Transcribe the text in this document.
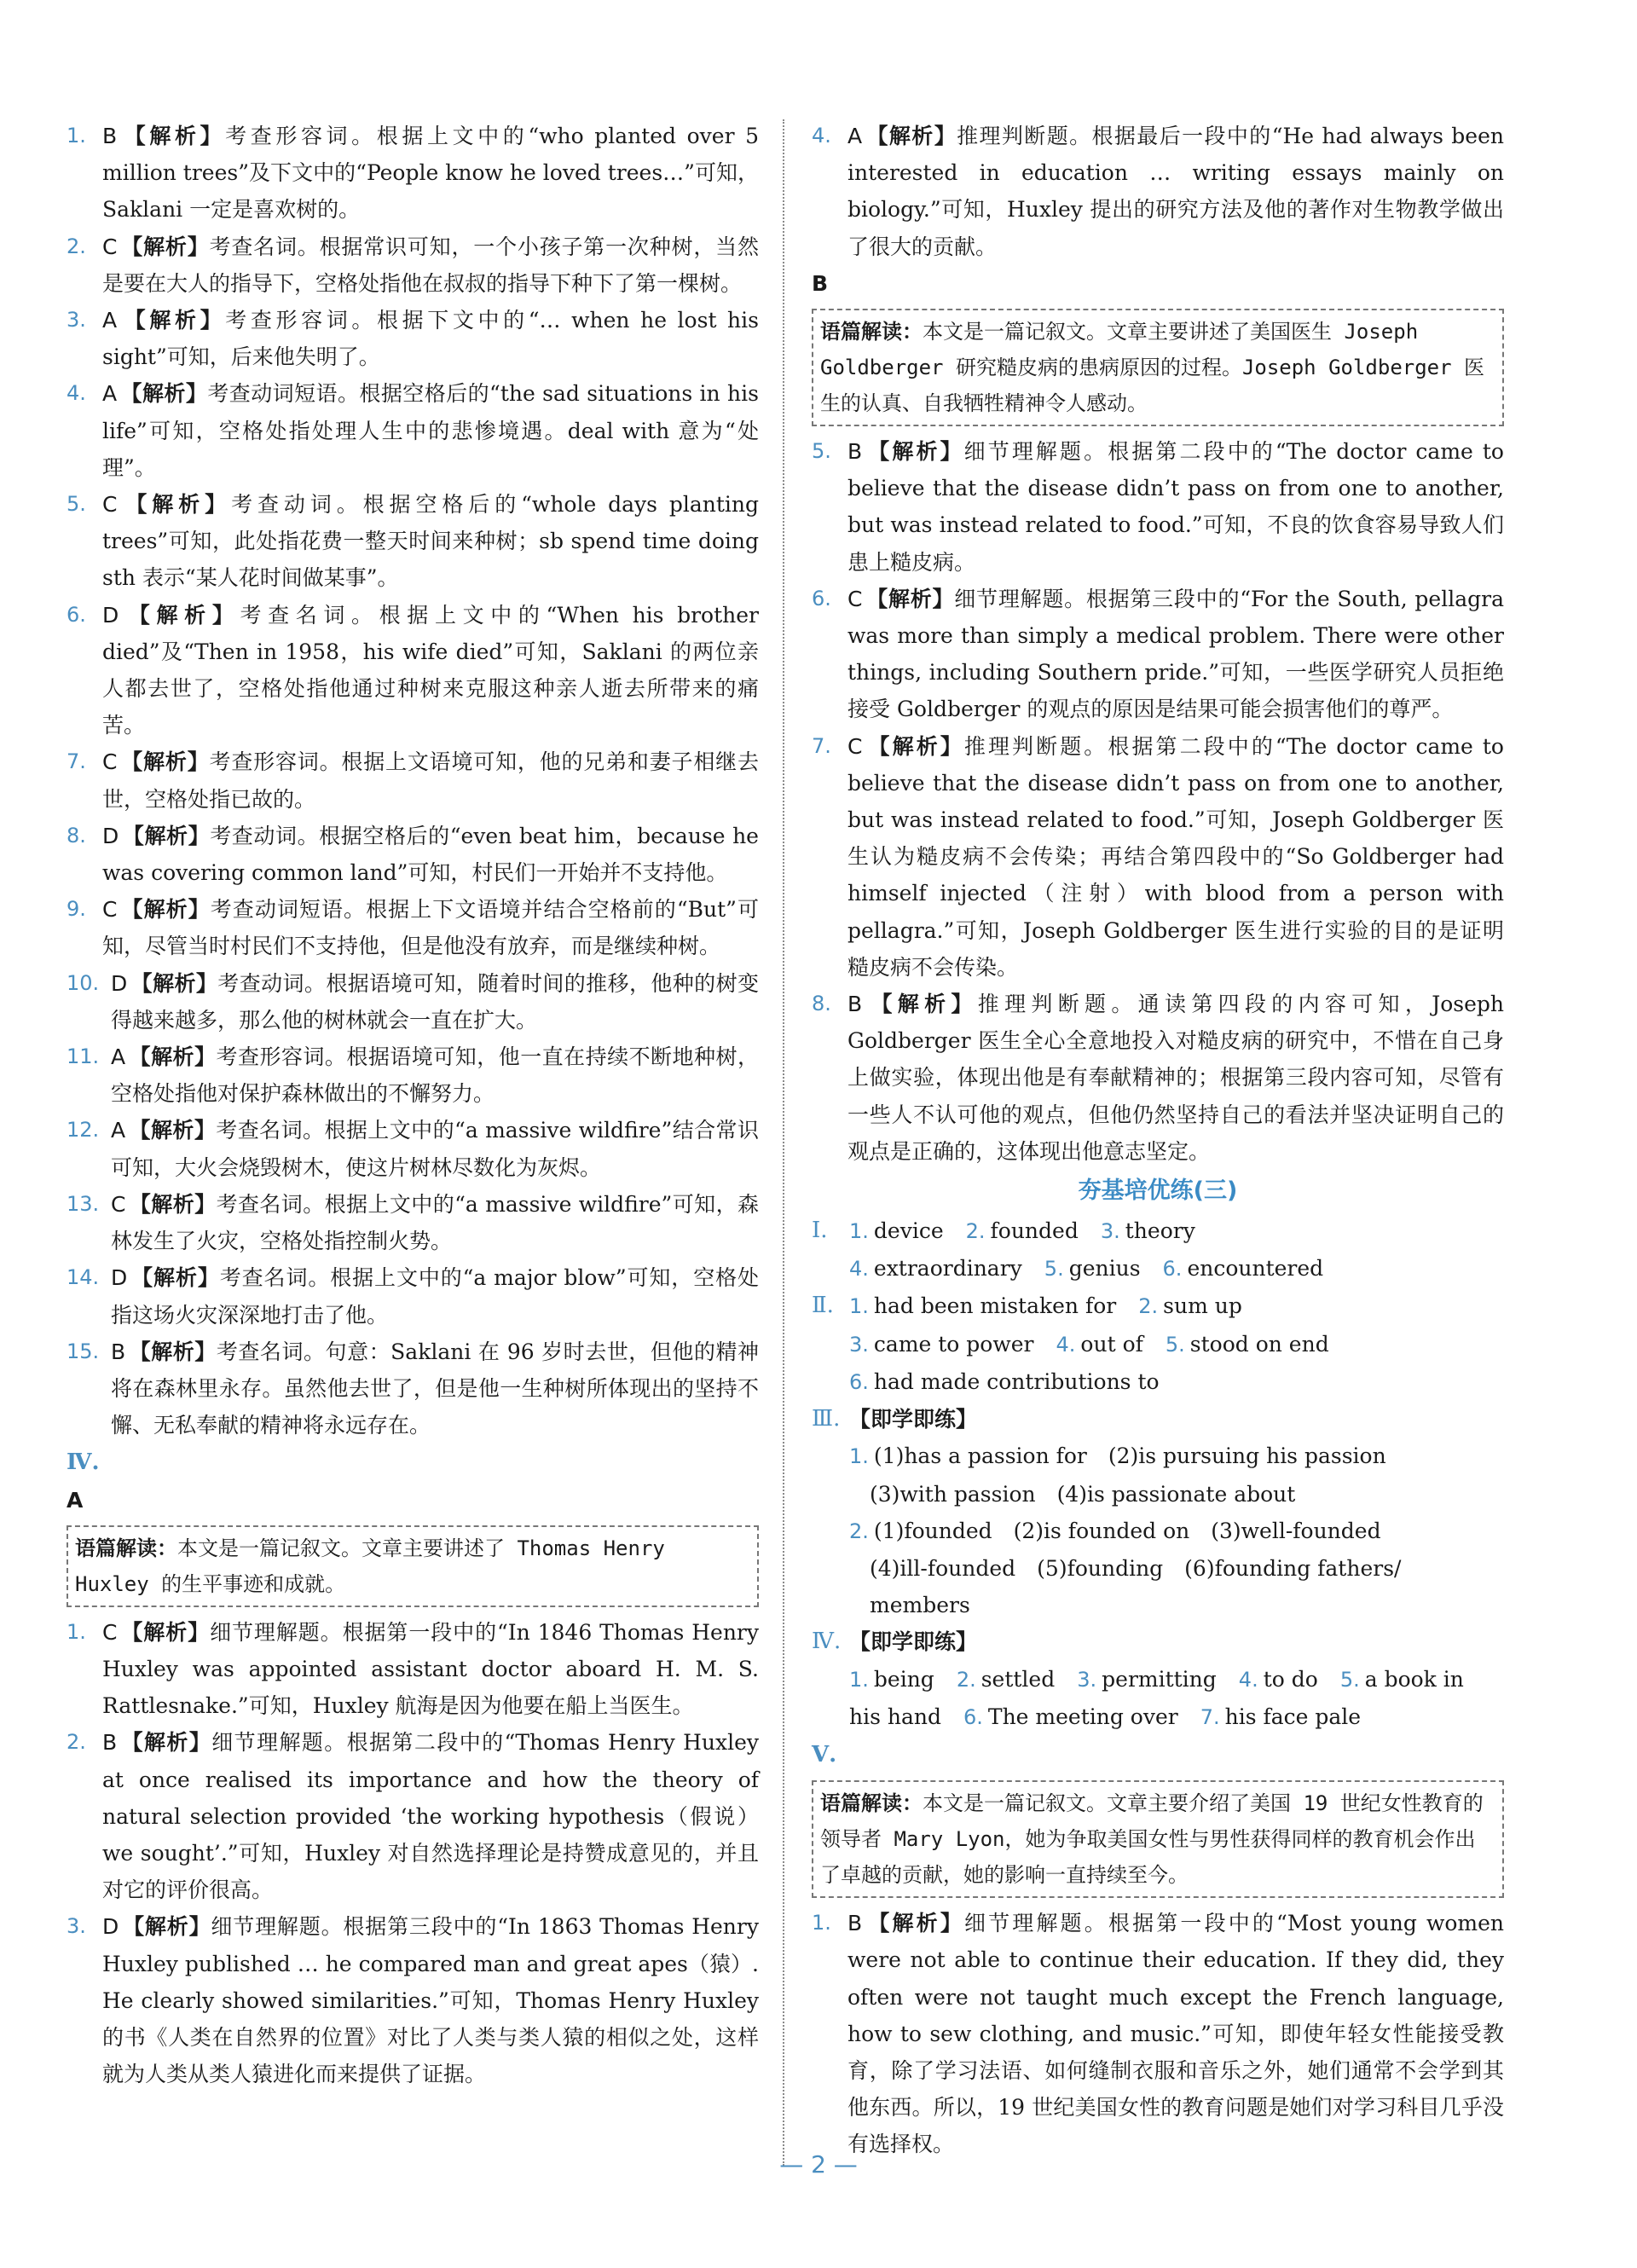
1. B 【解析】考查形容词。根据上文中的“who planted over 5 million trees”及下文中的“People know he loved trees…”可知，Saklani 一定是喜欢树的。

2. C 【解析】考查名词。根据常识可知，一个小孩子第一次种树，当然是要在大人的指导下，空格处指他在叔叔的指导下种下了第一棵树。

3. A 【解析】考查形容词。根据下文中的“… when he lost his sight”可知，后来他失明了。

4. A 【解析】考查动词短语。根据空格后的“the sad situations in his life”可知，空格处指处理人生中的悲惨境遇。deal with 意为“处理”。

5. C 【解析】考查动词。根据空格后的“whole days planting trees”可知，此处指花费一整天时间来种树；sb spend time doing sth 表示“某人花时间做某事”。

6. D 【解析】考查名词。根据上文中的“When his brother died”及“Then in 1958，his wife died”可知，Saklani 的两位亲人都去世了，空格处指他通过种树来克服这种亲人逝去所带来的痛苦。

7. C 【解析】考查形容词。根据上文语境可知，他的兄弟和妻子相继去世，空格处指已故的。

8. D 【解析】考查动词。根据空格后的“even beat him，because he was covering common land”可知，村民们一开始并不支持他。

9. C 【解析】考查动词短语。根据上下文语境并结合空格前的“But”可知，尽管当时村民们不支持他，但是他没有放弃，而是继续种树。

10. D 【解析】考查动词。根据语境可知，随着时间的推移，他种的树变得越来越多，那么他的树林就会一直在扩大。

11. A 【解析】考查形容词。根据语境可知，他一直在持续不断地种树，空格处指他对保护森林做出的不懈努力。

12. A 【解析】考查名词。根据上文中的“a massive wildfire”结合常识可知，大火会烧毁树木，使这片树林尽数化为灰烬。

13. C 【解析】考查名词。根据上文中的“a massive wildfire”可知，森林发生了火灾，空格处指控制火势。

14. D 【解析】考查名词。根据上文中的“a major blow”可知，空格处指这场火灾深深地打击了他。

15. B 【解析】考查名词。句意：Saklani 在 96 岁时去世，但他的精神将在森林里永存。虽然他去世了，但是他一生种树所体现出的坚持不懈、无私奉献的精神将永远存在。

Ⅳ.

A

语篇解读：本文是一篇记叙文。文章主要讲述了 Thomas Henry Huxley 的生平事迹和成就。

1. C 【解析】细节理解题。根据第一段中的“In 1846 Thomas Henry Huxley was appointed assistant doctor aboard H. M. S. Rattlesnake.”可知，Huxley 航海是因为他要在船上当医生。

2. B 【解析】细节理解题。根据第二段中的“Thomas Henry Huxley at once realised its importance and how the theory of natural selection provided ‘the working hypothesis（假说）we sought’.”可知，Huxley 对自然选择理论是持赞成意见的，并且对它的评价很高。

3. D 【解析】细节理解题。根据第三段中的“In 1863 Thomas Henry Huxley published … he compared man and great apes（猿）. He clearly showed similarities.”可知，Thomas Henry Huxley 的书《人类在自然界的位置》对比了人类与类人猿的相似之处，这样就为人类从类人猿进化而来提供了证据。

4. A 【解析】推理判断题。根据最后一段中的“He had always been interested in education … writing essays mainly on biology.”可知，Huxley 提出的研究方法及他的著作对生物教学做出了很大的贡献。

B

语篇解读：本文是一篇记叙文。文章主要讲述了美国医生 Joseph Goldberger 研究糙皮病的患病原因的过程。Joseph Goldberger 医生的认真、自我牺牲精神令人感动。

5. B 【解析】细节理解题。根据第二段中的“The doctor came to believe that the disease didn’t pass on from one to another, but was instead related to food.”可知，不良的饮食容易导致人们患上糙皮病。

6. C 【解析】细节理解题。根据第三段中的“For the South, pellagra was more than simply a medical problem. There were other things, including Southern pride.”可知，一些医学研究人员拒绝接受 Goldberger 的观点的原因是结果可能会损害他们的尊严。

7. C 【解析】推理判断题。根据第二段中的“The doctor came to believe that the disease didn’t pass on from one to another, but was instead related to food.”可知，Joseph Goldberger 医生认为糙皮病不会传染；再结合第四段中的“So Goldberger had himself injected（注射）with blood from a person with pellagra.”可知，Joseph Goldberger 医生进行实验的目的是证明糙皮病不会传染。

8. B 【解析】推理判断题。通读第四段的内容可知，Joseph Goldberger 医生全心全意地投入对糙皮病的研究中，不惜在自己身上做实验，体现出他是有奉献精神的；根据第三段内容可知，尽管有一些人不认可他的观点，但他仍然坚持自己的看法并坚决证明自己的观点是正确的，这体现出他意志坚定。

夯基培优练(三)

Ⅰ.	1. device 2. founded 3. theory
4. extraordinary 5. genius 6. encountered
Ⅱ. 1. had been mistaken for 2. sum up
3. came to power 4. out of 5. stood on end
6. had made contributions to
Ⅲ. 【即学即练】
1. (1)has a passion for　(2)is pursuing his passion
(3)with passion　(4)is passionate about
2. (1)founded　(2)is founded on　(3)well-founded
(4)ill-founded　(5)founding　(6)founding fathers/
members
Ⅳ. 【即学即练】
1. being 2. settled 3. permitting 4. to do 5. a book in
his hand 6. The meeting over 7. his face pale

Ⅴ.

语篇解读：本文是一篇记叙文。文章主要介绍了美国 19 世纪女性教育的领导者 Mary Lyon，她为争取美国女性与男性获得同样的教育机会作出了卓越的贡献，她的影响一直持续至今。

1. B 【解析】细节理解题。根据第一段中的“Most young women were not able to continue their education. If they did, they often were not taught much except the French language, how to sew clothing, and music.”可知，即使年轻女性能接受教育，除了学习法语、如何缝制衣服和音乐之外，她们通常不会学到其他东西。所以，19 世纪美国女性的教育问题是她们对学习科目几乎没有选择权。

— 2 —
